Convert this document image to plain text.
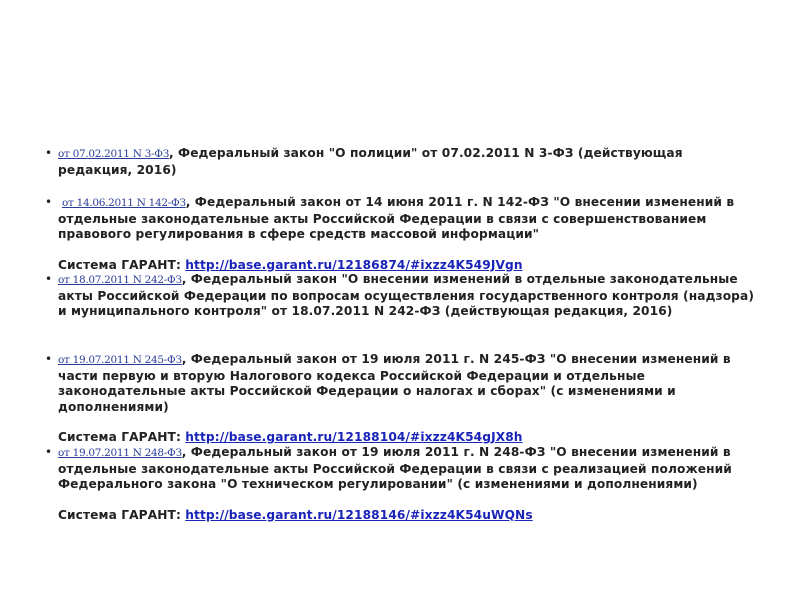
• от 07.02.2011 N 3-ФЗ, Федеральный закон "О полиции" от 07.02.2011 N 3-ФЗ (действующая редакция, 2016)
• от 14.06.2011 N 142-ФЗ, Федеральный закон от 14 июня 2011 г. N 142-ФЗ "О внесении изменений в отдельные законодательные акты Российской Федерации в связи с совершенствованием правового регулирования в сфере средств массовой информации"
Система ГАРАНТ: http://base.garant.ru/12186874/#ixzz4K549JVgn
• от 18.07.2011 N 242-ФЗ, Федеральный закон "О внесении изменений в отдельные законодательные акты Российской Федерации по вопросам осуществления государственного контроля (надзора) и муниципального контроля" от 18.07.2011 N 242-ФЗ (действующая редакция, 2016)
• от 19.07.2011 N 245-ФЗ, Федеральный закон от 19 июля 2011 г. N 245-ФЗ "О внесении изменений в части первую и вторую Налогового кодекса Российской Федерации и отдельные законодательные акты Российской Федерации о налогах и сборах" (с изменениями и дополнениями)
Система ГАРАНТ: http://base.garant.ru/12188104/#ixzz4K54gJX8h
• от 19.07.2011 N 248-ФЗ, Федеральный закон от 19 июля 2011 г. N 248-ФЗ "О внесении изменений в отдельные законодательные акты Российской Федерации в связи с реализацией положений Федерального закона "О техническом регулировании" (с изменениями и дополнениями)
Система ГАРАНТ: http://base.garant.ru/12188146/#ixzz4K54uWQNs
